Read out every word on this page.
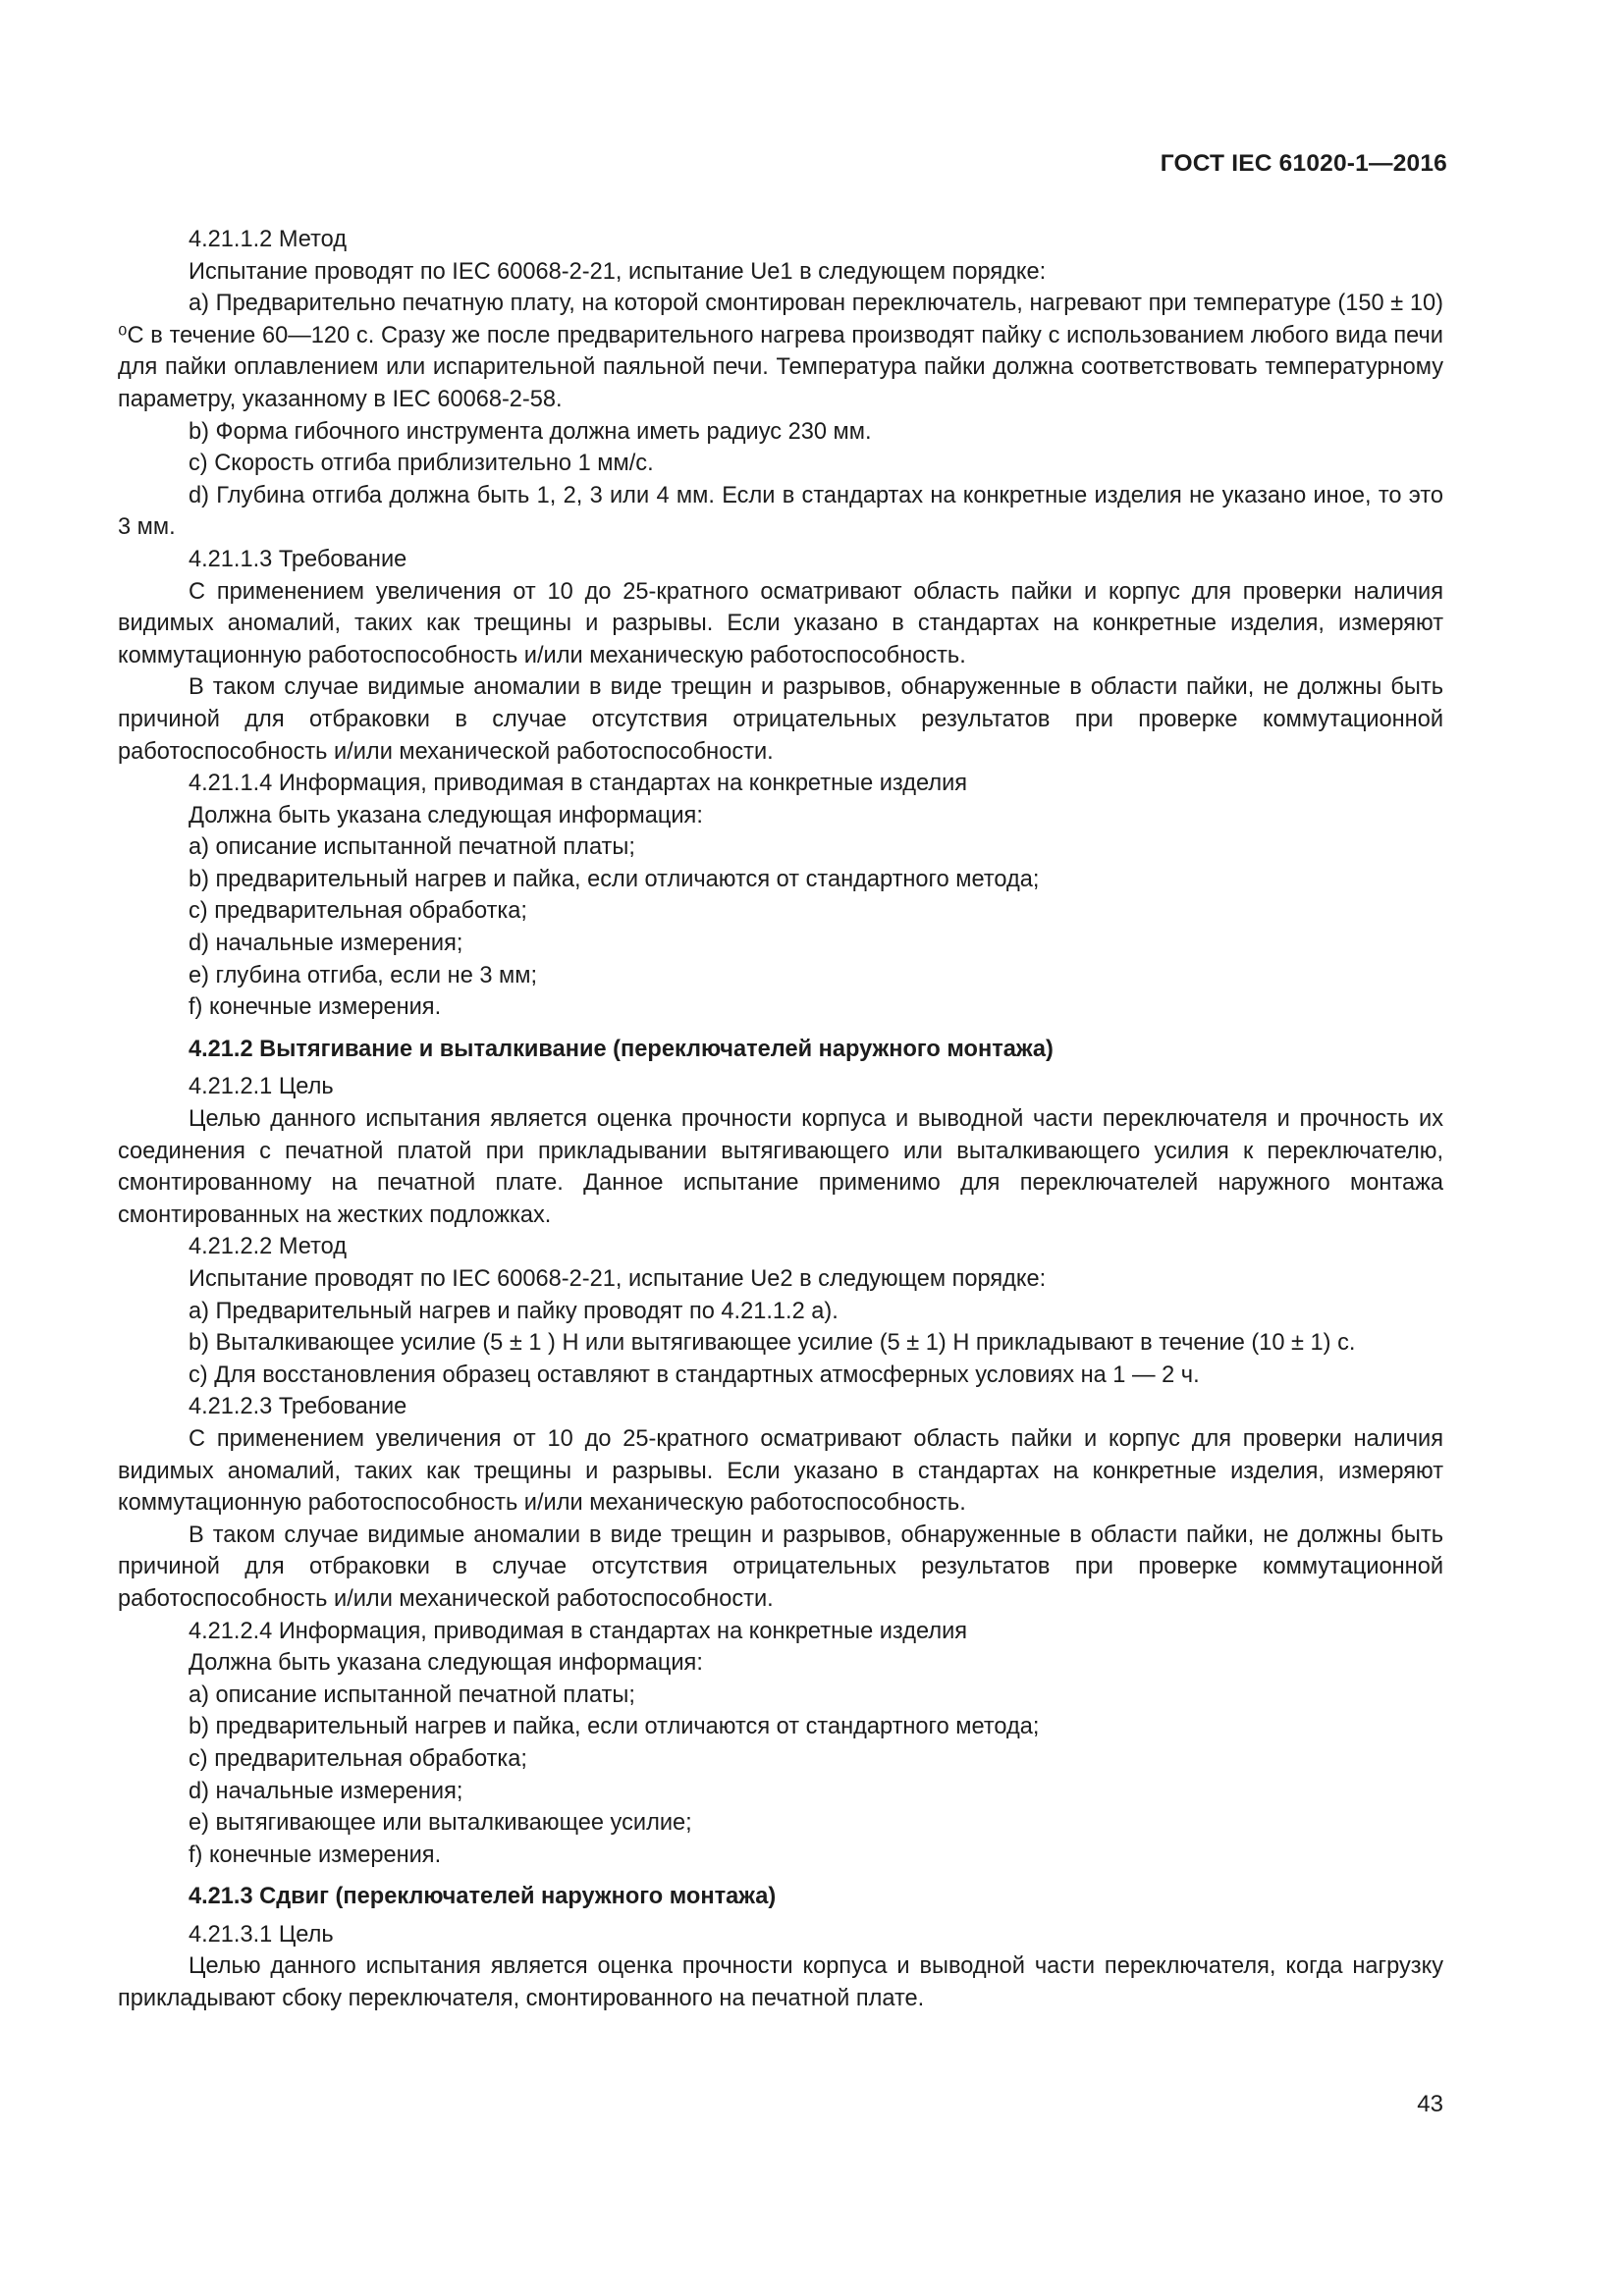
ГОСТ IEC 61020-1—2016

4.21.1.2 Метод

Испытание проводят по IEC 60068-2-21, испытание Ue1 в следующем порядке:

a) Предварительно печатную плату, на которой смонтирован переключатель, нагревают при температуре (150 ± 10) ⁰С в течение 60—120 с. Сразу же после предварительного нагрева производят пайку с использованием любого вида печи для пайки оплавлением или испарительной паяльной печи. Температура пайки должна соответствовать температурному параметру, указанному в IEC 60068-2-58.

b) Форма гибочного инструмента должна иметь радиус 230 мм.

c) Скорость отгиба приблизительно 1 мм/с.

d) Глубина отгиба должна быть 1, 2, 3 или 4 мм. Если в стандартах на конкретные изделия не указано иное, то это 3 мм.

4.21.1.3 Требование

С применением увеличения от 10 до 25-кратного осматривают область пайки и корпус для проверки наличия видимых аномалий, таких как трещины и разрывы. Если указано в стандартах на конкретные изделия, измеряют коммутационную работоспособность и/или механическую работоспособность.

В таком случае видимые аномалии в виде трещин и разрывов, обнаруженные в области пайки, не должны быть причиной для отбраковки в случае отсутствия отрицательных результатов при проверке коммутационной работоспособность и/или механической работоспособности.

4.21.1.4 Информация, приводимая в стандартах на конкретные изделия

Должна быть указана следующая информация:

a) описание испытанной печатной платы;

b) предварительный нагрев и пайка, если отличаются от стандартного метода;

c) предварительная обработка;

d) начальные измерения;

e) глубина отгиба, если не 3 мм;

f) конечные измерения.

4.21.2 Вытягивание и выталкивание (переключателей наружного монтажа)

4.21.2.1 Цель

Целью данного испытания является оценка прочности корпуса и выводной части переключателя и прочность их соединения с печатной платой при прикладывании вытягивающего или выталкивающего усилия к переключателю, смонтированному на печатной плате. Данное испытание применимо для переключателей наружного монтажа смонтированных на жестких подложках.

4.21.2.2 Метод

Испытание проводят по IEC 60068-2-21, испытание Ue2 в следующем порядке:

a) Предварительный нагрев и пайку проводят по 4.21.1.2 a).

b) Выталкивающее усилие (5 ± 1 ) Н или вытягивающее усилие (5 ± 1) Н прикладывают в течение (10 ± 1) с.

c) Для восстановления образец оставляют в стандартных атмосферных условиях на 1 — 2 ч.

4.21.2.3 Требование

С применением увеличения от 10 до 25-кратного осматривают область пайки и корпус для проверки наличия видимых аномалий, таких как трещины и разрывы. Если указано в стандартах на конкретные изделия, измеряют коммутационную работоспособность и/или механическую работоспособность.

В таком случае видимые аномалии в виде трещин и разрывов, обнаруженные в области пайки, не должны быть причиной для отбраковки в случае отсутствия отрицательных результатов при проверке коммутационной работоспособность и/или механической работоспособности.

4.21.2.4 Информация, приводимая в стандартах на конкретные изделия

Должна быть указана следующая информация:

a) описание испытанной печатной платы;

b) предварительный нагрев и пайка, если отличаются от стандартного метода;

c) предварительная обработка;

d) начальные измерения;

e) вытягивающее или выталкивающее усилие;

f) конечные измерения.

4.21.3 Сдвиг (переключателей наружного монтажа)

4.21.3.1 Цель

Целью данного испытания является оценка прочности корпуса и выводной части переключателя, когда нагрузку прикладывают сбоку переключателя, смонтированного на печатной плате.

43
